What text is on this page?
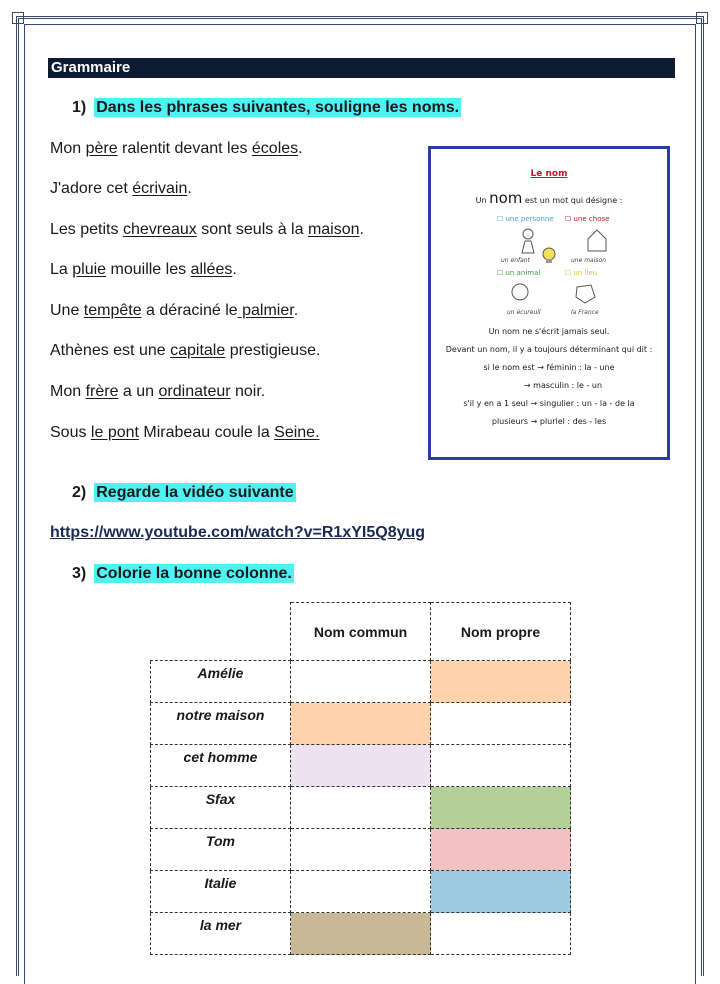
Grammaire
1) Dans les phrases suivantes, souligne les noms.
Mon père ralentit devant les écoles.
J'adore cet écrivain.
Les petits chevreaux sont seuls à la maison.
La pluie mouille les allées.
Une tempête a déraciné le palmier.
Athènes est une capitale prestigieuse.
Mon frère a un ordinateur noir.
Sous le pont Mirabeau coule la Seine.
Le nom
Un nom est un mot qui désigne :
☐ une personne ☐ une chose
un enfant	une maison
☐ un animal	☐ un lieu
un écureuil	la France
Un nom ne s'écrit jamais seul.
Devant un nom, il y a toujours déterminant qui dit :
si le nom est → féminin : la - une
→ masculin : le - un
s'il y en a 1 seul → singulier : un - la - de la
plusieurs → pluriel : des - les
2) Regarde la vidéo suivante
https://www.youtube.com/watch?v=R1xYI5Q8yug
3) Colorie la bonne colonne.
	Nom commun	Nom propre
Amélie		
notre maison		
cet homme		
Sfax		
Tom		
Italie		
la mer		
